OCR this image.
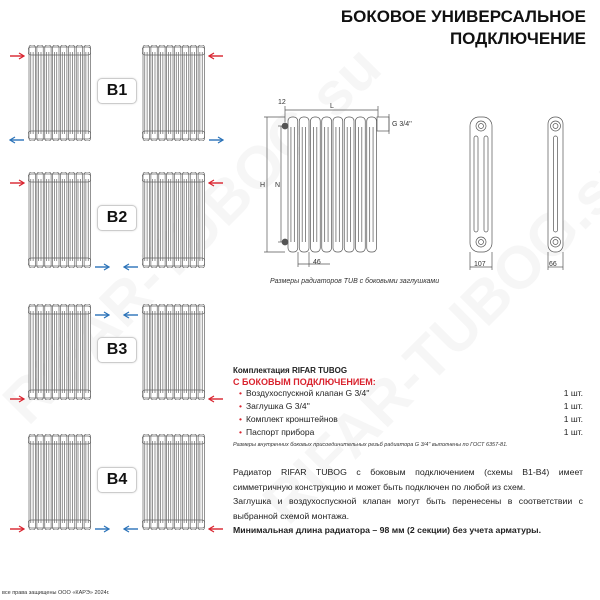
БОКОВОЕ УНИВЕРСАЛЬНОЕ
ПОДКЛЮЧЕНИЕ
B1
B2
B3
B4
12
L
G 3/4''
H N
46	107	66
Размеры радиаторов TUB с боковыми заглушками
Комплектация RIFAR TUBOG
С БОКОВЫМ ПОДКЛЮЧЕНИЕМ:
• Воздухоспускной клапан G 3/4''	1 шт.
• Заглушка G 3/4''	1 шт.
• Комплект кронштейнов	1 шт.
• Паспорт прибора	1 шт.
Размеры внутренних боковых присоединительных резьб радиатора G 3/4'' выполнены по ГОСТ 6357-81.
Радиатор RIFAR TUBOG с боковым подключением (схемы В1-В4) имеет симметричную конструкцию и может быть подключен по любой из схем.
Заглушка и воздухоспускной клапан могут быть перенесены в соответствии с выбранной схемой монтажа.
Минимальная длина радиатора – 98 мм (2 секции) без учета арматуры.
все права защищены ООО «КАРЭ» 2024г.
